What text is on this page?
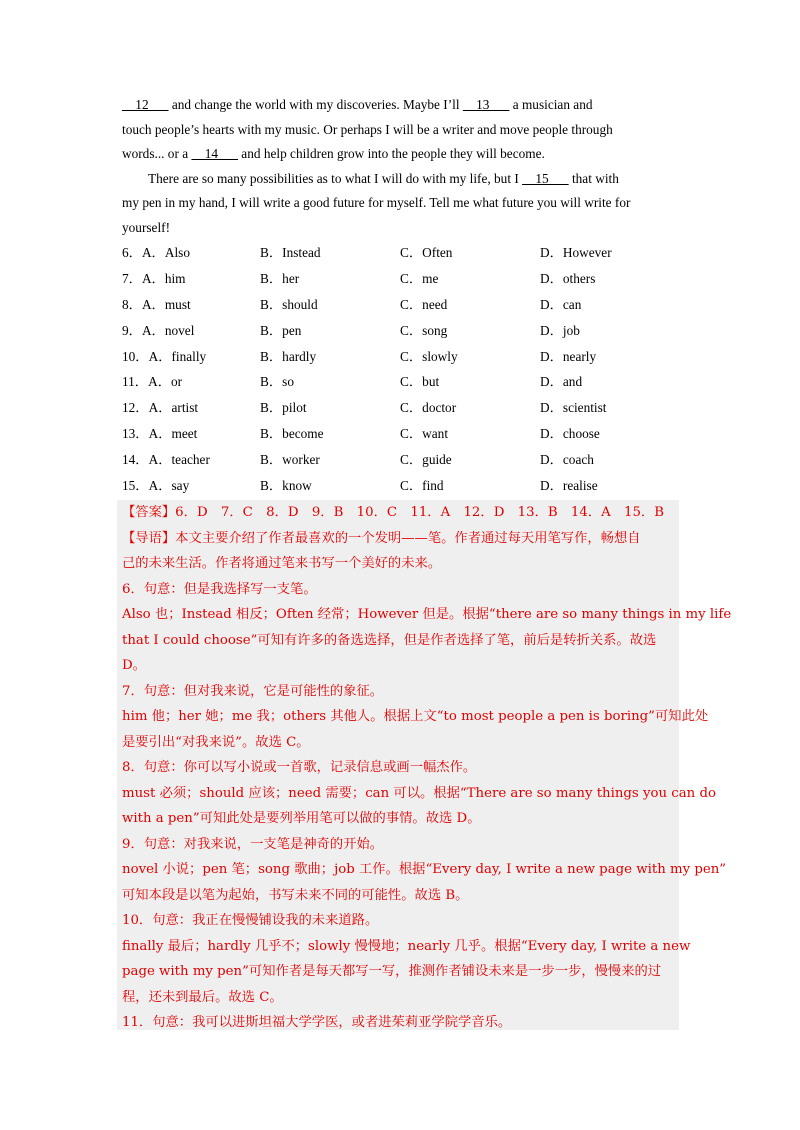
12       and change the world with my discoveries. Maybe I’ll     13       a musician and
touch people’s hearts with my music. Or perhaps I will be a writer and move people through
words... or a     14       and help children grow into the people they will become.
There are so many possibilities as to what I will do with my life, but I     15       that with
my pen in my hand, I will write a good future for myself. Tell me what future you will write for
yourself!
6．A．Also	B．Instead	C．Often	D．However
7．A．him	B．her	C．me	D．others
8．A．must	B．should	C．need	D．can
9．A．novel	B．pen	C．song	D．job
10．A．finally	B．hardly	C．slowly	D．nearly
11．A．or	B．so	C．but	D．and
12．A．artist	B．pilot	C．doctor	D．scientist
13．A．meet	B．become	C．want	D．choose
14．A．teacher	B．worker	C．guide	D．coach
15．A．say	B．know	C．find	D．realise
【答案】6．D　7．C　8．D　9．B　10．C　11．A　12．D　13．B　14．A　15．B
【导语】本文主要介绍了作者最喜欢的一个发明——笔。作者通过每天用笔写作，畅想自
己的未来生活。作者将通过笔来书写一个美好的未来。
6．句意：但是我选择写一支笔。
Also 也；Instead 相反；Often 经常；However 但是。根据“there are so many things in my life
that I could choose”可知有许多的备选选择，但是作者选择了笔，前后是转折关系。故选
D。
7．句意：但对我来说，它是可能性的象征。
him 他；her 她；me 我；others 其他人。根据上文“to most people a pen is boring”可知此处
是要引出“对我来说”。故选 C。
8．句意：你可以写小说或一首歌，记录信息或画一幅杰作。
must 必须；should 应该；need 需要；can 可以。根据“There are so many things you can do
with a pen”可知此处是要列举用笔可以做的事情。故选 D。
9．句意：对我来说，一支笔是神奇的开始。
novel 小说；pen 笔；song 歌曲；job 工作。根据“Every day, I write a new page with my pen”
可知本段是以笔为起始，书写未来不同的可能性。故选 B。
10．句意：我正在慢慢铺设我的未来道路。
finally 最后；hardly 几乎不；slowly 慢慢地；nearly 几乎。根据“Every day, I write a new
page with my pen”可知作者是每天都写一写，推测作者铺设未来是一步一步，慢慢来的过
程，还未到最后。故选 C。
11．句意：我可以进斯坦福大学学医，或者进茱莉亚学院学音乐。
